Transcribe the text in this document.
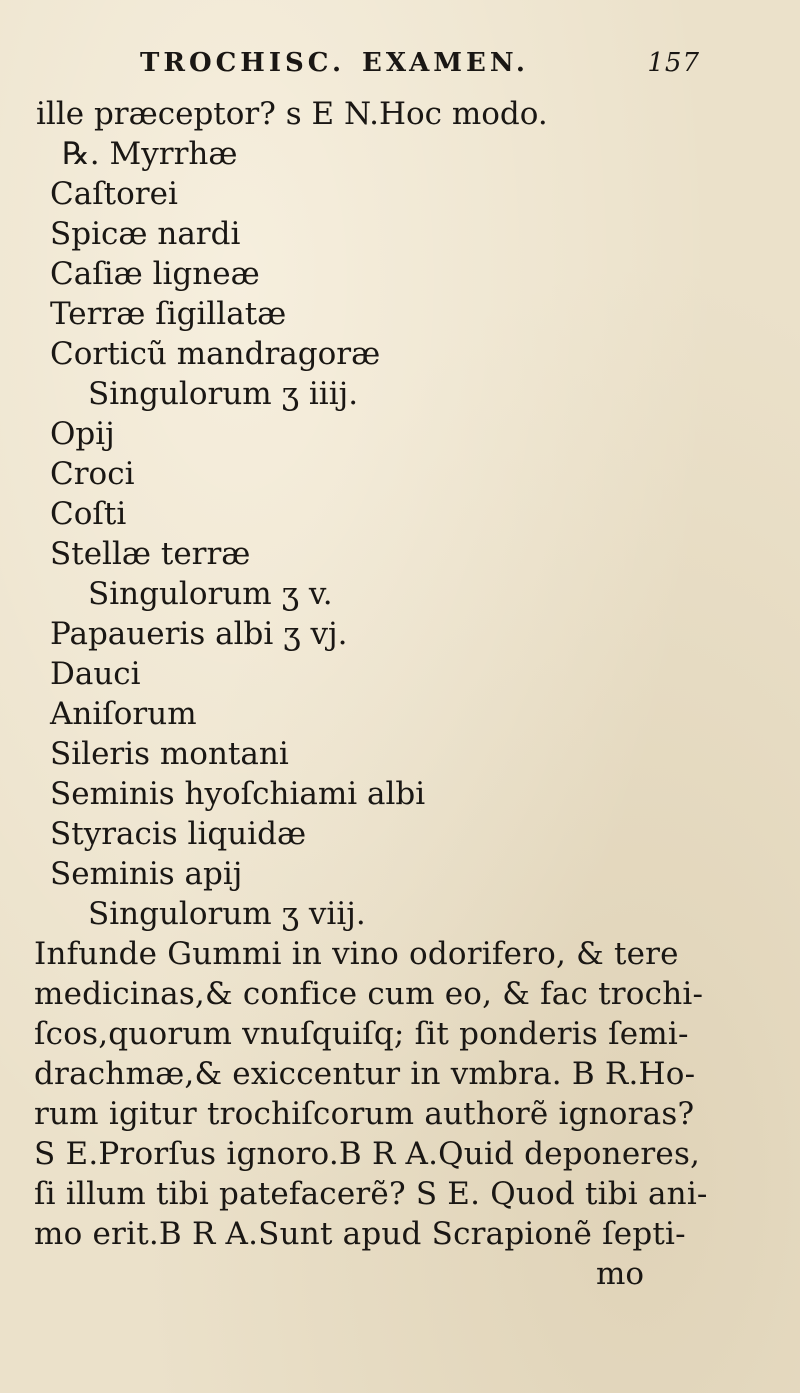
TROCHISC. EXAMEN.	157
ille præceptor? s E N.Hoc modo.
℞. Myrrhæ
Caſtorei
Spicæ nardi
Caſiæ ligneæ
Terræ ſigillatæ
Corticũ mandragoræ
Singulorum ʒ iiij.
Opij
Croci
Coſti
Stellæ terræ
Singulorum ʒ v.
Papaueris albi ʒ vj.
Dauci
Aniſorum
Sileris montani
Seminis hyoſchiami albi
Styracis liquidæ
Seminis apij
Singulorum ʒ viij.
Infunde Gummi in vino odorifero, & tere
medicinas,& confice cum eo, & fac trochi-
ſcos,quorum vnuſquiſq; ſit ponderis ſemi-
drachmæ,& exiccentur in vmbra. B R.Ho-
rum igitur trochiſcorum authorẽ ignoras?
S E.Prorſus ignoro.B R A.Quid deponeres,
ſi illum tibi patefacerẽ? S E. Quod tibi ani-
mo erit.B R A.Sunt apud Scrapionẽ ſepti-
mo
